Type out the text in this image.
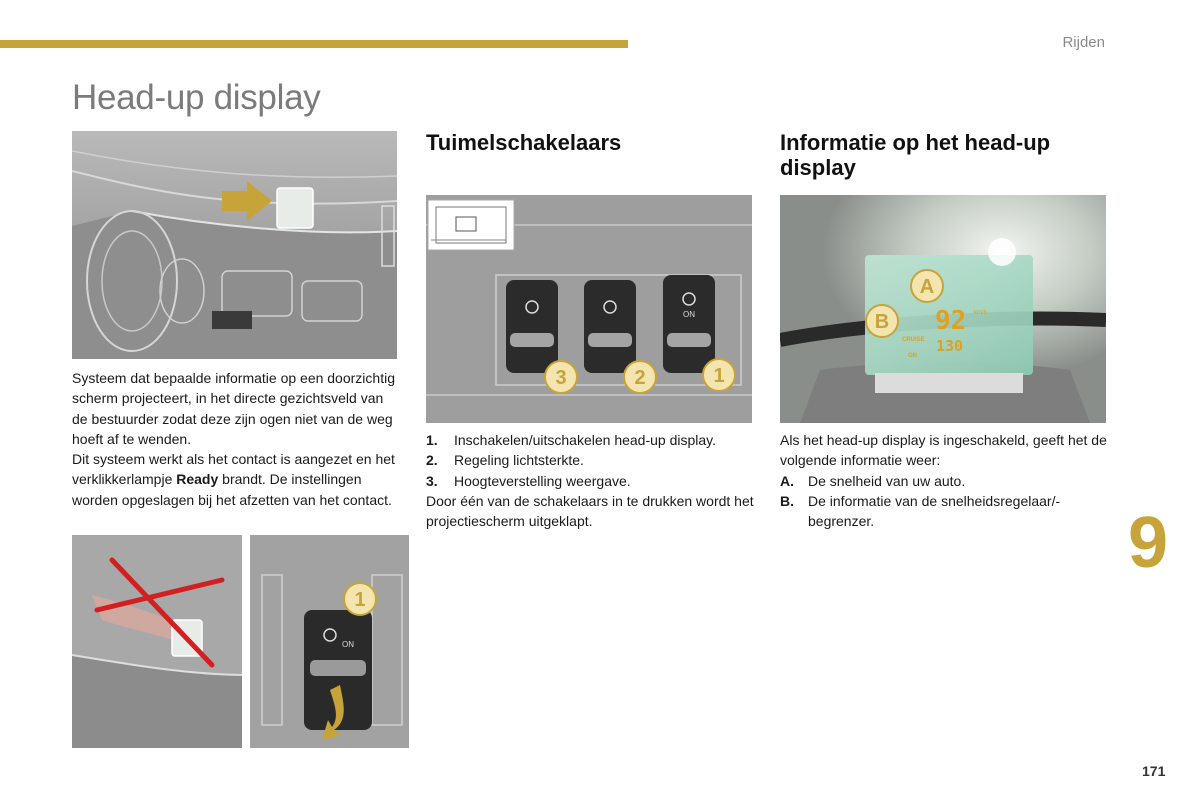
Rijden
Head-up display

Systeem dat bepaalde informatie op een doorzichtig scherm projecteert, in het directe gezichtsveld van de bestuurder zodat deze zijn ogen niet van de weg hoeft af te wenden.

Dit systeem werkt als het contact is aangezet en het verklikkerlampje Ready brandt. De instellingen worden opgeslagen bij het afzetten van het contact.

ON
1
Tuimelschakelaars
ON
3	2	1
1.	Inschakelen/uitschakelen head-up display.
2.	Regeling lichtsterkte.
3.	Hoogteverstelling weergave.

Door één van de schakelaars in te drukken wordt het projectiescherm uitgeklapt.

Informatie op het head-up display
A
B 92 km/h
CRUISE
ON
130

Als het head-up display is ingeschakeld, geeft het de volgende informatie weer:

A.	De snelheid van uw auto.
B.	De informatie van de snelheidsregelaar/-begrenzer.	9
171
